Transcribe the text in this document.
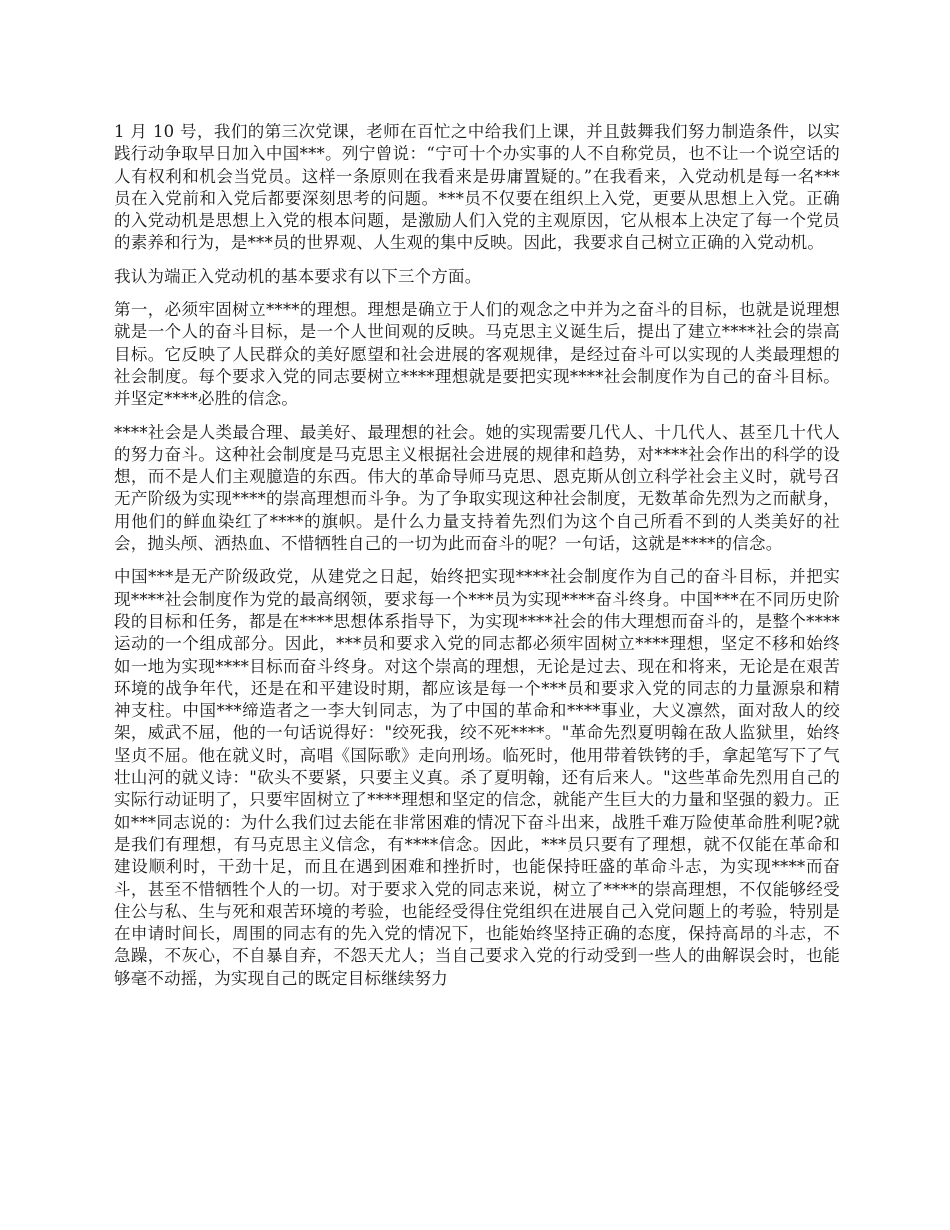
1 月 10 号，我们的第三次党课，老师在百忙之中给我们上课，并且鼓舞我们努力制造条件，以实践行动争取早日加入中国***。列宁曾说：“宁可十个办实事的人不自称党员，也不让一个说空话的人有权利和机会当党员。这样一条原则在我看来是毋庸置疑的。”在我看来，入党动机是每一名***员在入党前和入党后都要深刻思考的问题。***员不仅要在组织上入党，更要从思想上入党。正确的入党动机是思想上入党的根本问题，是激励人们入党的主观原因，它从根本上决定了每一个党员的素养和行为，是***员的世界观、人生观的集中反映。因此，我要求自己树立正确的入党动机。

我认为端正入党动机的基本要求有以下三个方面。

第一，必须牢固树立****的理想。理想是确立于人们的观念之中并为之奋斗的目标，也就是说理想就是一个人的奋斗目标，是一个人世间观的反映。马克思主义诞生后，提出了建立****社会的崇高目标。它反映了人民群众的美好愿望和社会进展的客观规律，是经过奋斗可以实现的人类最理想的社会制度。每个要求入党的同志要树立****理想就是要把实现****社会制度作为自己的奋斗目标。并坚定****必胜的信念。

****社会是人类最合理、最美好、最理想的社会。她的实现需要几代人、十几代人、甚至几十代人的努力奋斗。这种社会制度是马克思主义根据社会进展的规律和趋势，对****社会作出的科学的设想，而不是人们主观臆造的东西。伟大的革命导师马克思、恩克斯从创立科学社会主义时，就号召无产阶级为实现****的崇高理想而斗争。为了争取实现这种社会制度，无数革命先烈为之而献身，用他们的鲜血染红了****的旗帜。是什么力量支持着先烈们为这个自己所看不到的人类美好的社会，抛头颅、洒热血、不惜牺牲自己的一切为此而奋斗的呢？一句话，这就是****的信念。

中国***是无产阶级政党，从建党之日起，始终把实现****社会制度作为自己的奋斗目标，并把实现****社会制度作为党的最高纲领，要求每一个***员为实现****奋斗终身。中国***在不同历史阶段的目标和任务，都是在****思想体系指导下，为实现****社会的伟大理想而奋斗的，是整个****运动的一个组成部分。因此，***员和要求入党的同志都必须牢固树立****理想，坚定不移和始终如一地为实现****目标而奋斗终身。对这个崇高的理想，无论是过去、现在和将来，无论是在艰苦环境的战争年代，还是在和平建设时期，都应该是每一个***员和要求入党的同志的力量源泉和精神支柱。中国***缔造者之一李大钊同志，为了中国的革命和****事业，大义凛然，面对敌人的绞架，威武不屈，他的一句话说得好："绞死我，绞不死****。"革命先烈夏明翰在敌人监狱里，始终坚贞不屈。他在就义时，高唱《国际歌》走向刑场。临死时，他用带着铁铐的手，拿起笔写下了气壮山河的就义诗："砍头不要紧，只要主义真。杀了夏明翰，还有后来人。"这些革命先烈用自己的实际行动证明了，只要牢固树立了****理想和坚定的信念，就能产生巨大的力量和坚强的毅力。正如***同志说的：为什么我们过去能在非常困难的情况下奋斗出来，战胜千难万险使革命胜利呢?就是我们有理想，有马克思主义信念，有****信念。因此，***员只要有了理想，就不仅能在革命和建设顺利时，干劲十足，而且在遇到困难和挫折时，也能保持旺盛的革命斗志，为实现****而奋斗，甚至不惜牺牲个人的一切。对于要求入党的同志来说，树立了****的崇高理想，不仅能够经受住公与私、生与死和艰苦环境的考验，也能经受得住党组织在进展自己入党问题上的考验，特别是在申请时间长，周围的同志有的先入党的情况下，也能始终坚持正确的态度，保持高昂的斗志，不急躁，不灰心，不自暴自弃，不怨天尤人；当自己要求入党的行动受到一些人的曲解误会时，也能够毫不动摇，为实现自己的既定目标继续努力
